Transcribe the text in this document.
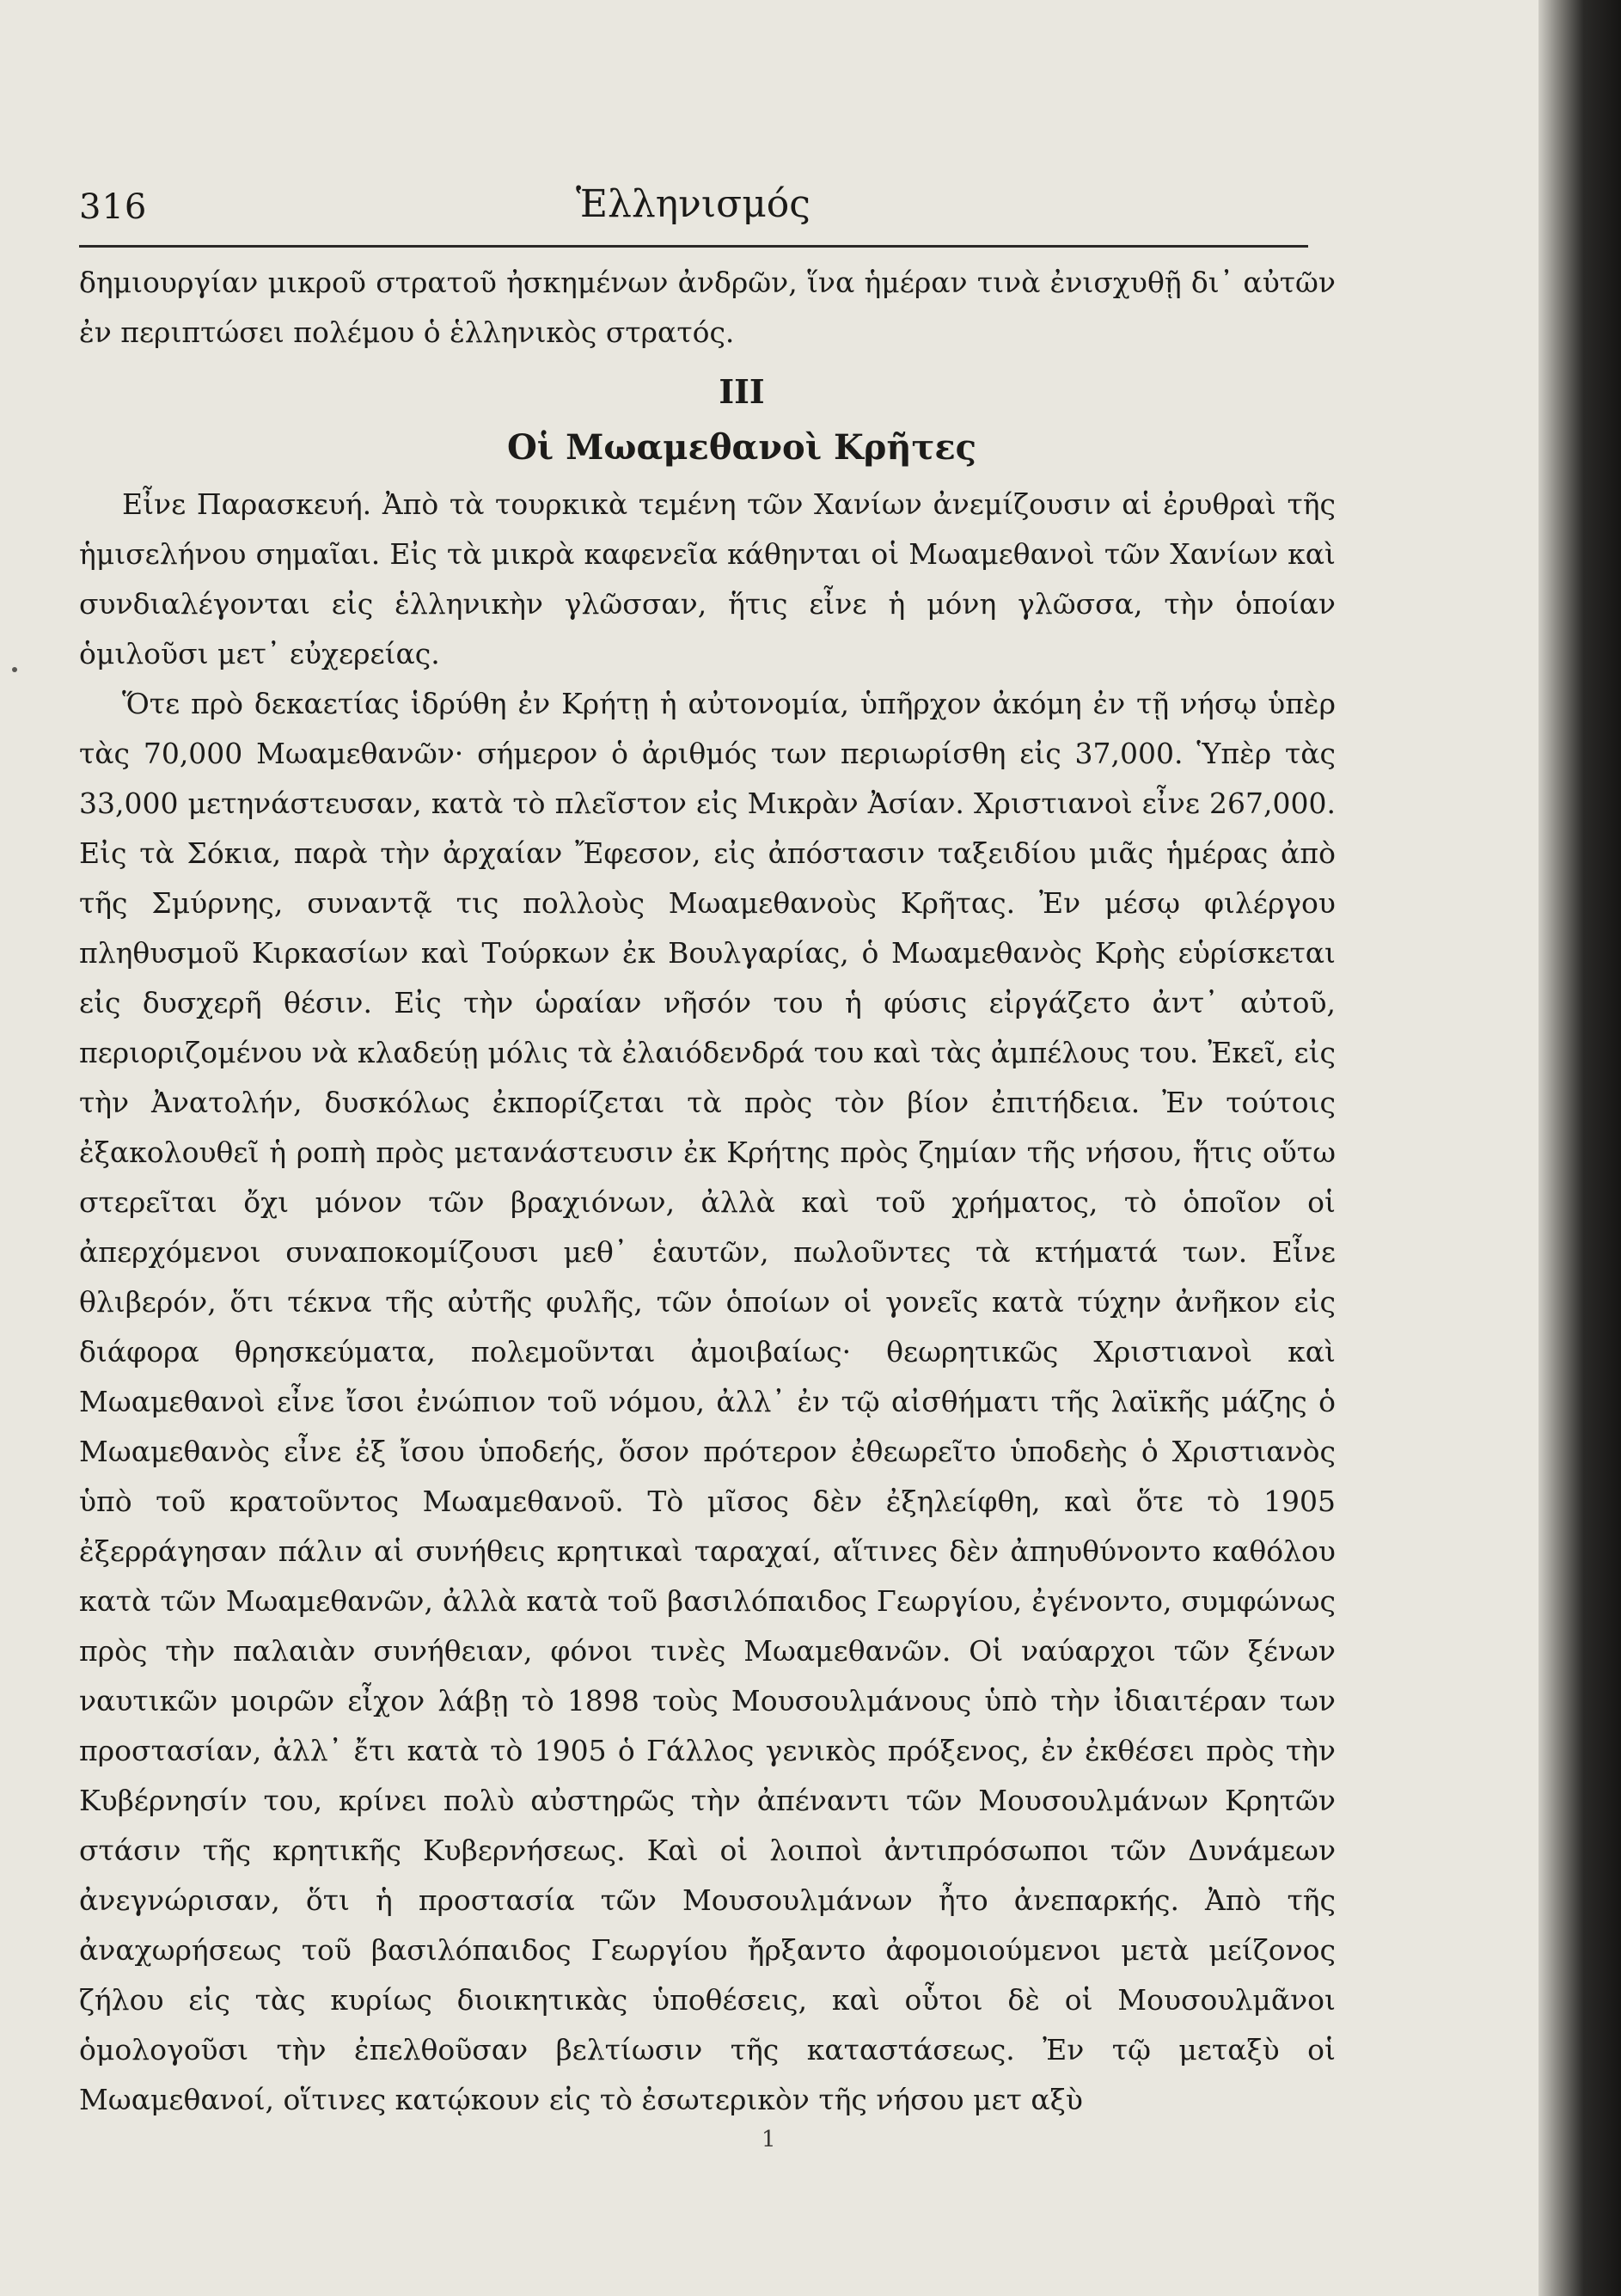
316	Ἑλληνισμός

δημιουργίαν μικροῦ στρατοῦ ἠσκημένων ἀνδρῶν, ἵνα ἡμέραν τινὰ ἐνισχυθῇ δι᾽ αὐτῶν ἐν περιπτώσει πολέμου ὁ ἑλληνικὸς στρατός.

III
Οἱ Μωαμεθανοὶ Κρῆτες

Εἶνε Παρασκευή. Ἀπὸ τὰ τουρκικὰ τεμένη τῶν Χανίων ἀνεμίζουσιν αἱ ἐρυθραὶ τῆς ἡμισελήνου σημαῖαι. Εἰς τὰ μικρὰ καφενεῖα κάθηνται οἱ Μωαμεθανοὶ τῶν Χανίων καὶ συνδιαλέγονται εἰς ἑλληνικὴν γλῶσσαν, ἥτις εἶνε ἡ μόνη γλῶσσα, τὴν ὁποίαν ὁμιλοῦσι μετ᾽ εὐχερείας.

Ὅτε πρὸ δεκαετίας ἱδρύθη ἐν Κρήτῃ ἡ αὐτονομία, ὑπῆρχον ἀκόμη ἐν τῇ νήσῳ ὑπὲρ τὰς 70,000 Μωαμεθανῶν· σήμερον ὁ ἀριθμός των περιωρίσθη εἰς 37,000. Ὑπὲρ τὰς 33,000 μετηνάστευσαν, κατὰ τὸ πλεῖστον εἰς Μικρὰν Ἀσίαν. Χριστιανοὶ εἶνε 267,000. Εἰς τὰ Σόκια, παρὰ τὴν ἀρχαίαν Ἔφεσον, εἰς ἀπόστασιν ταξειδίου μιᾶς ἡμέρας ἀπὸ τῆς Σμύρνης, συναντᾷ τις πολλοὺς Μωαμεθανοὺς Κρῆτας. Ἐν μέσῳ φιλέργου πληθυσμοῦ Κιρκασίων καὶ Τούρκων ἐκ Βουλγαρίας, ὁ Μωαμεθανὸς Κρὴς εὑρίσκεται εἰς δυσχερῆ θέσιν. Εἰς τὴν ὡραίαν νῆσόν του ἡ φύσις εἰργάζετο ἀντ᾽ αὐτοῦ, περιοριζομένου νὰ κλαδεύῃ μόλις τὰ ἐλαιόδενδρά του καὶ τὰς ἀμπέλους του. Ἐκεῖ, εἰς τὴν Ἀνατολήν, δυσκόλως ἐκπορίζεται τὰ πρὸς τὸν βίον ἐπιτήδεια. Ἐν τούτοις ἐξακολουθεῖ ἡ ροπὴ πρὸς μετανάστευσιν ἐκ Κρήτης πρὸς ζημίαν τῆς νήσου, ἥτις οὕτω στερεῖται ὄχι μόνον τῶν βραχιόνων, ἀλλὰ καὶ τοῦ χρήματος, τὸ ὁποῖον οἱ ἀπερχόμενοι συναποκομίζουσι μεθ᾽ ἑαυτῶν, πωλοῦντες τὰ κτήματά των. Εἶνε θλιβερόν, ὅτι τέκνα τῆς αὐτῆς φυλῆς, τῶν ὁποίων οἱ γονεῖς κατὰ τύχην ἀνῆκον εἰς διάφορα θρησκεύματα, πολεμοῦνται ἀμοιβαίως· θεωρητικῶς Χριστιανοὶ καὶ Μωαμεθανοὶ εἶνε ἴσοι ἐνώπιον τοῦ νόμου, ἀλλ᾽ ἐν τῷ αἰσθήματι τῆς λαϊκῆς μάζης ὁ Μωαμεθανὸς εἶνε ἐξ ἴσου ὑποδεής, ὅσον πρότερον ἐθεωρεῖτο ὑποδεὴς ὁ Χριστιανὸς ὑπὸ τοῦ κρατοῦντος Μωαμεθανοῦ. Τὸ μῖσος δὲν ἐξηλείφθη, καὶ ὅτε τὸ 1905 ἐξερράγησαν πάλιν αἱ συνήθεις κρητικαὶ ταραχαί, αἵτινες δὲν ἀπηυθύνοντο καθόλου κατὰ τῶν Μωαμεθανῶν, ἀλλὰ κατὰ τοῦ βασιλόπαιδος Γεωργίου, ἐγένοντο, συμφώνως πρὸς τὴν παλαιὰν συνήθειαν, φόνοι τινὲς Μωαμεθανῶν. Οἱ ναύαρχοι τῶν ξένων ναυτικῶν μοιρῶν εἶχον λάβῃ τὸ 1898 τοὺς Μουσουλμάνους ὑπὸ τὴν ἰδιαιτέραν των προστασίαν, ἀλλ᾽ ἔτι κατὰ τὸ 1905 ὁ Γάλλος γενικὸς πρόξενος, ἐν ἐκθέσει πρὸς τὴν Κυβέρνησίν του, κρίνει πολὺ αὐστηρῶς τὴν ἀπέναντι τῶν Μουσουλμάνων Κρητῶν στάσιν τῆς κρητικῆς Κυβερνήσεως. Καὶ οἱ λοιποὶ ἀντιπρόσωποι τῶν Δυνάμεων ἀνεγνώρισαν, ὅτι ἡ προστασία τῶν Μουσουλμάνων ἦτο ἀνεπαρκής. Ἀπὸ τῆς ἀναχωρήσεως τοῦ βασιλόπαιδος Γεωργίου ἤρξαντο ἀφομοιούμενοι μετὰ μείζονος ζήλου εἰς τὰς κυρίως διοικητικὰς ὑποθέσεις, καὶ οὗτοι δὲ οἱ Μουσουλμᾶνοι ὁμολογοῦσι τὴν ἐπελθοῦσαν βελτίωσιν τῆς καταστάσεως. Ἐν τῷ μεταξὺ οἱ Μωαμεθανοί, οἵτινες κατῴκουν εἰς τὸ ἐσωτερικὸν τῆς νήσου μετ αξὺ

1
